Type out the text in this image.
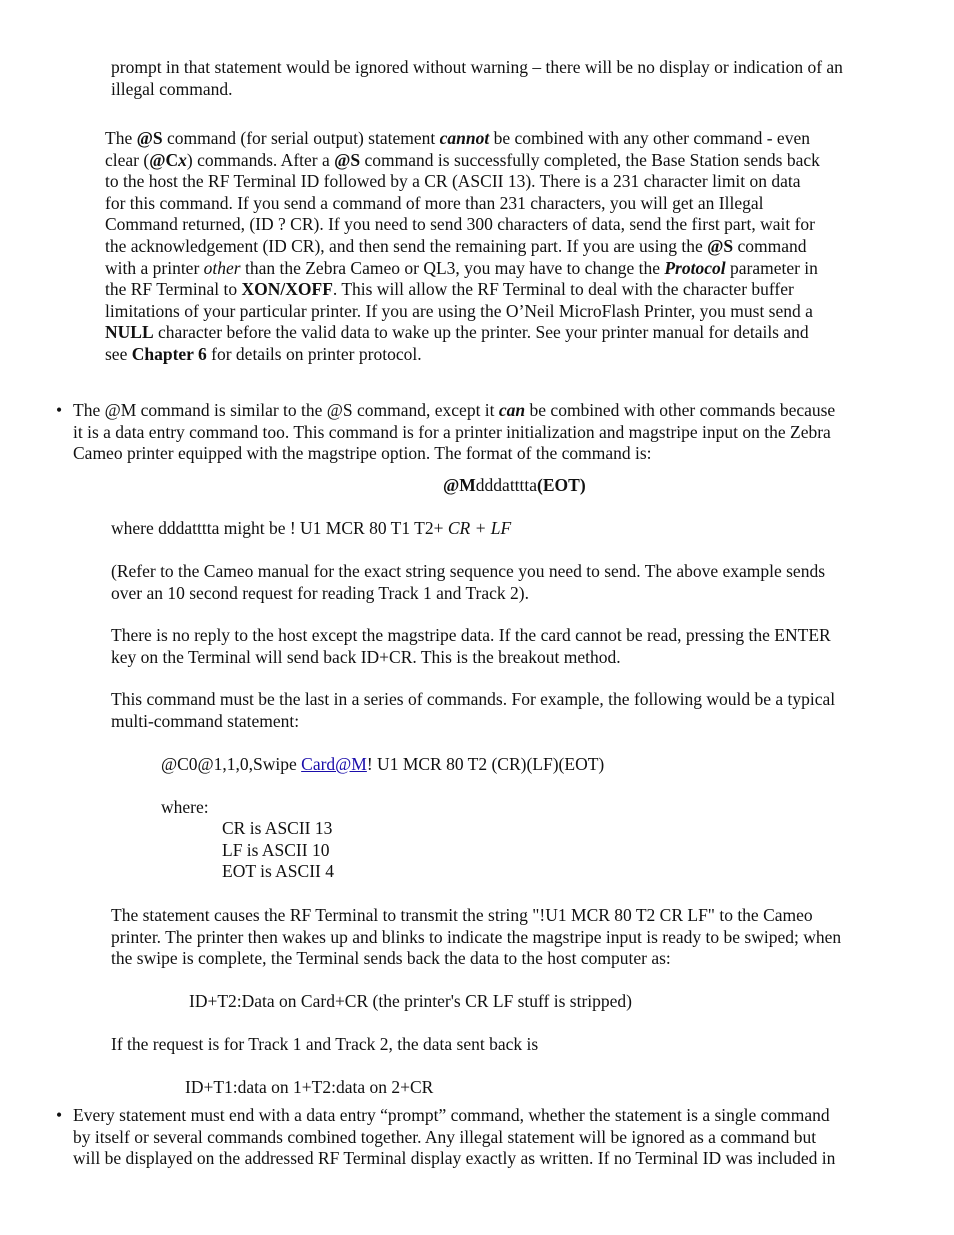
prompt in that statement would be ignored without warning – there will be no display or indication of an
illegal command.
The @S command (for serial output) statement cannot be combined with any other command - even
clear (@Cx) commands. After a @S command is successfully completed, the Base Station sends back
to the host the RF Terminal ID followed by a CR (ASCII 13). There is a 231 character limit on data
for this command. If you send a command of more than 231 characters, you will get an Illegal
Command returned, (ID ? CR). If you need to send 300 characters of data, send the first part, wait for
the acknowledgement (ID CR), and then send the remaining part. If you are using the @S command
with a printer other than the Zebra Cameo or QL3, you may have to change the Protocol parameter in
the RF Terminal to XON/XOFF. This will allow the RF Terminal to deal with the character buffer
limitations of your particular printer. If you are using the O’Neil MicroFlash Printer, you must send a
NULL character before the valid data to wake up the printer. See your printer manual for details and
see Chapter 6 for details on printer protocol.
• The @M command is similar to the @S command, except it can be combined with other commands because
it is a data entry command too. This command is for a printer initialization and magstripe input on the Zebra
Cameo printer equipped with the magstripe option. The format of the command is:
@Mdddatttta(EOT)
where dddatttta might be ! U1 MCR 80 T1 T2+ CR + LF
(Refer to the Cameo manual for the exact string sequence you need to send. The above example sends
over an 10 second request for reading Track 1 and Track 2).
There is no reply to the host except the magstripe data. If the card cannot be read, pressing the ENTER
key on the Terminal will send back ID+CR. This is the breakout method.
This command must be the last in a series of commands. For example, the following would be a typical
multi-command statement:
@C0@1,1,0,Swipe Card@M! U1 MCR 80 T2 (CR)(LF)(EOT)
where:
CR is ASCII 13
LF is ASCII 10
EOT is ASCII 4
The statement causes the RF Terminal to transmit the string "!U1 MCR 80 T2 CR LF" to the Cameo
printer. The printer then wakes up and blinks to indicate the magstripe input is ready to be swiped; when
the swipe is complete, the Terminal sends back the data to the host computer as:
ID+T2:Data on Card+CR (the printer's CR LF stuff is stripped)
If the request is for Track 1 and Track 2, the data sent back is
ID+T1:data on 1+T2:data on 2+CR
• Every statement must end with a data entry “prompt” command, whether the statement is a single command
by itself or several commands combined together. Any illegal statement will be ignored as a command but
will be displayed on the addressed RF Terminal display exactly as written. If no Terminal ID was included in
